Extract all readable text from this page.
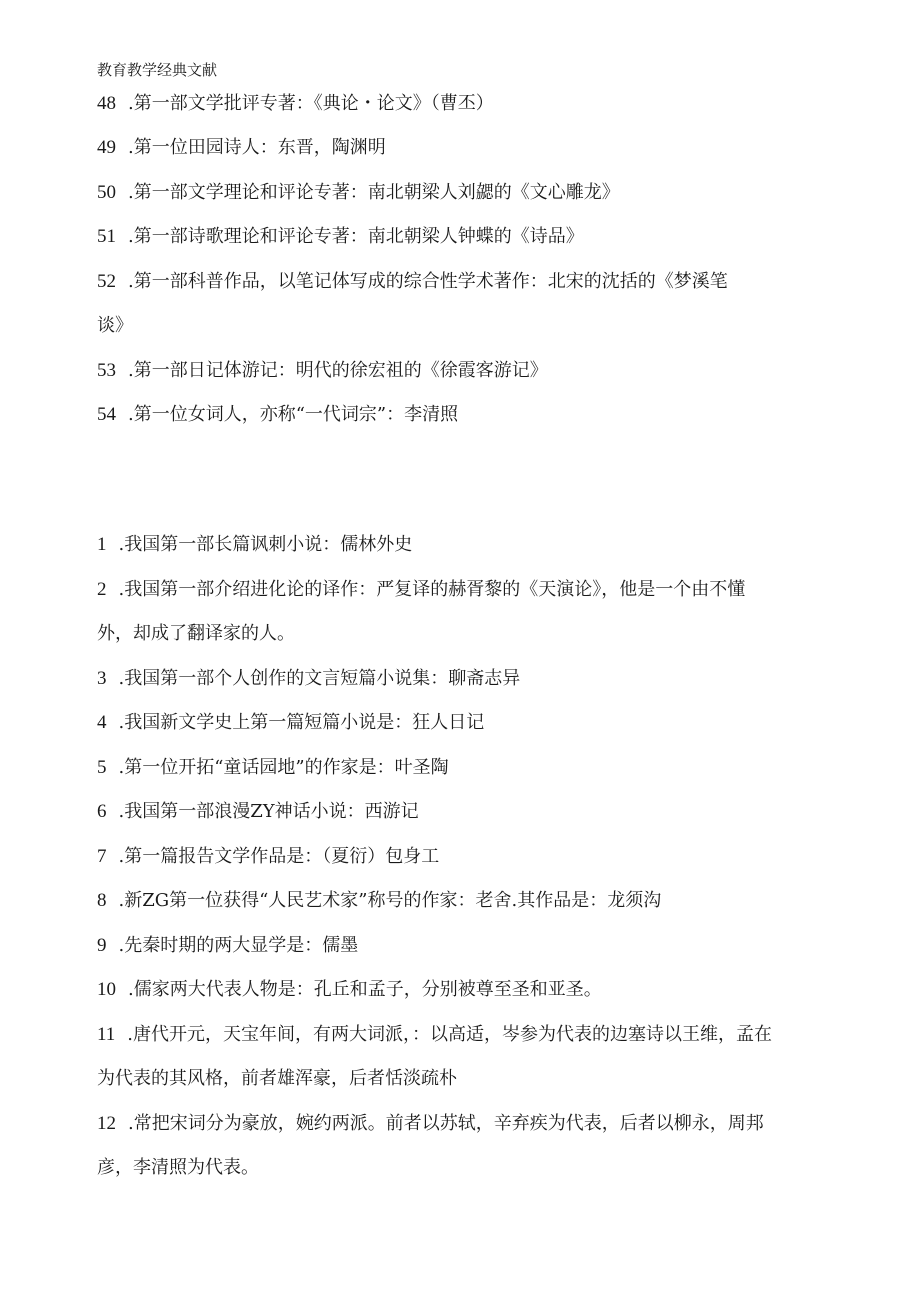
教育教学经典文献
48 .第一部文学批评专著：《典论・论文》（曹丕）
49 .第一位田园诗人：东晋，陶渊明
50 .第一部文学理论和评论专著：南北朝梁人刘勰的《文心雕龙》
51 .第一部诗歌理论和评论专著：南北朝梁人钟蝶的《诗品》
52 .第一部科普作品，以笔记体写成的综合性学术著作：北宋的沈括的《梦溪笔
谈》
53 .第一部日记体游记：明代的徐宏祖的《徐霞客游记》
54 .第一位女词人，亦称“一代词宗”：李清照
1 .我国第一部长篇讽刺小说：儒林外史
2 .我国第一部介绍进化论的译作：严复译的赫胥黎的《天演论》，他是一个由不懂
外，却成了翻译家的人。
3 .我国第一部个人创作的文言短篇小说集：聊斋志异
4 .我国新文学史上第一篇短篇小说是：狂人日记
5 .第一位开拓“童话园地”的作家是：叶圣陶
6 .我国第一部浪漫ZY神话小说：西游记
7 .第一篇报告文学作品是：（夏衍）包身工
8 .新ZG第一位获得“人民艺术家”称号的作家：老舍.其作品是：龙须沟
9 .先秦时期的两大显学是：儒墨
10 .儒家两大代表人物是：孔丘和孟子，分别被尊至圣和亚圣。
11 .唐代开元，天宝年间，有两大词派，：以高适，岑参为代表的边塞诗以王维，孟在
为代表的其风格，前者雄浑豪，后者恬淡疏朴
12 .常把宋词分为豪放，婉约两派。前者以苏轼，辛弃疾为代表，后者以柳永，周邦
彦，李清照为代表。
